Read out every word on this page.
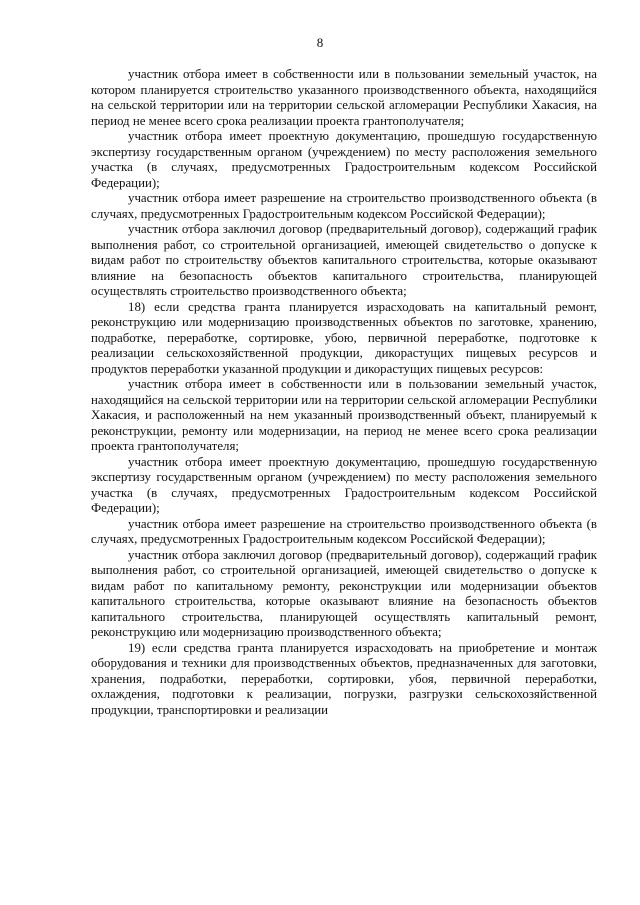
8

участник отбора имеет в собственности или в пользовании земельный участок, на котором планируется строительство указанного производственного объекта, находящийся на сельской территории или на территории сельской агломерации Республики Хакасия, на период не менее всего срока реализации проекта грантополучателя;

участник отбора имеет проектную документацию, прошедшую государственную экспертизу государственным органом (учреждением) по месту расположения земельного участка (в случаях, предусмотренных Градостроительным кодексом Российской Федерации);

участник отбора имеет разрешение на строительство производственного объекта (в случаях, предусмотренных Градостроительным кодексом Российской Федерации);

участник отбора заключил договор (предварительный договор), содержащий график выполнения работ, со строительной организацией, имеющей свидетельство о допуске к видам работ по строительству объектов капитального строительства, которые оказывают влияние на безопасность объектов капитального строительства, планирующей осуществлять строительство производственного объекта;

18) если средства гранта планируется израсходовать на капитальный ремонт, реконструкцию или модернизацию производственных объектов по заготовке, хранению, подработке, переработке, сортировке, убою, первичной переработке, подготовке к реализации сельскохозяйственной продукции, дикорастущих пищевых ресурсов и продуктов переработки указанной продукции и дикорастущих пищевых ресурсов:

участник отбора имеет в собственности или в пользовании земельный участок, находящийся на сельской территории или на территории сельской агломерации Республики Хакасия, и расположенный на нем указанный производственный объект, планируемый к реконструкции, ремонту или модернизации, на период не менее всего срока реализации проекта грантополучателя;

участник отбора имеет проектную документацию, прошедшую государственную экспертизу государственным органом (учреждением) по месту расположения земельного участка (в случаях, предусмотренных Градостроительным кодексом Российской Федерации);

участник отбора имеет разрешение на строительство производственного объекта (в случаях, предусмотренных Градостроительным кодексом Российской Федерации);

участник отбора заключил договор (предварительный договор), содержащий график выполнения работ, со строительной организацией, имеющей свидетельство о допуске к видам работ по капитальному ремонту, реконструкции или модернизации объектов капитального строительства, которые оказывают влияние на безопасность объектов капитального строительства, планирующей осуществлять капитальный ремонт, реконструкцию или модернизацию производственного объекта;

19) если средства гранта планируется израсходовать на приобретение и монтаж оборудования и техники для производственных объектов, предназначенных для заготовки, хранения, подработки, переработки, сортировки, убоя, первичной переработки, охлаждения, подготовки к реализации, погрузки, разгрузки сельскохозяйственной продукции, транспортировки и реализации
